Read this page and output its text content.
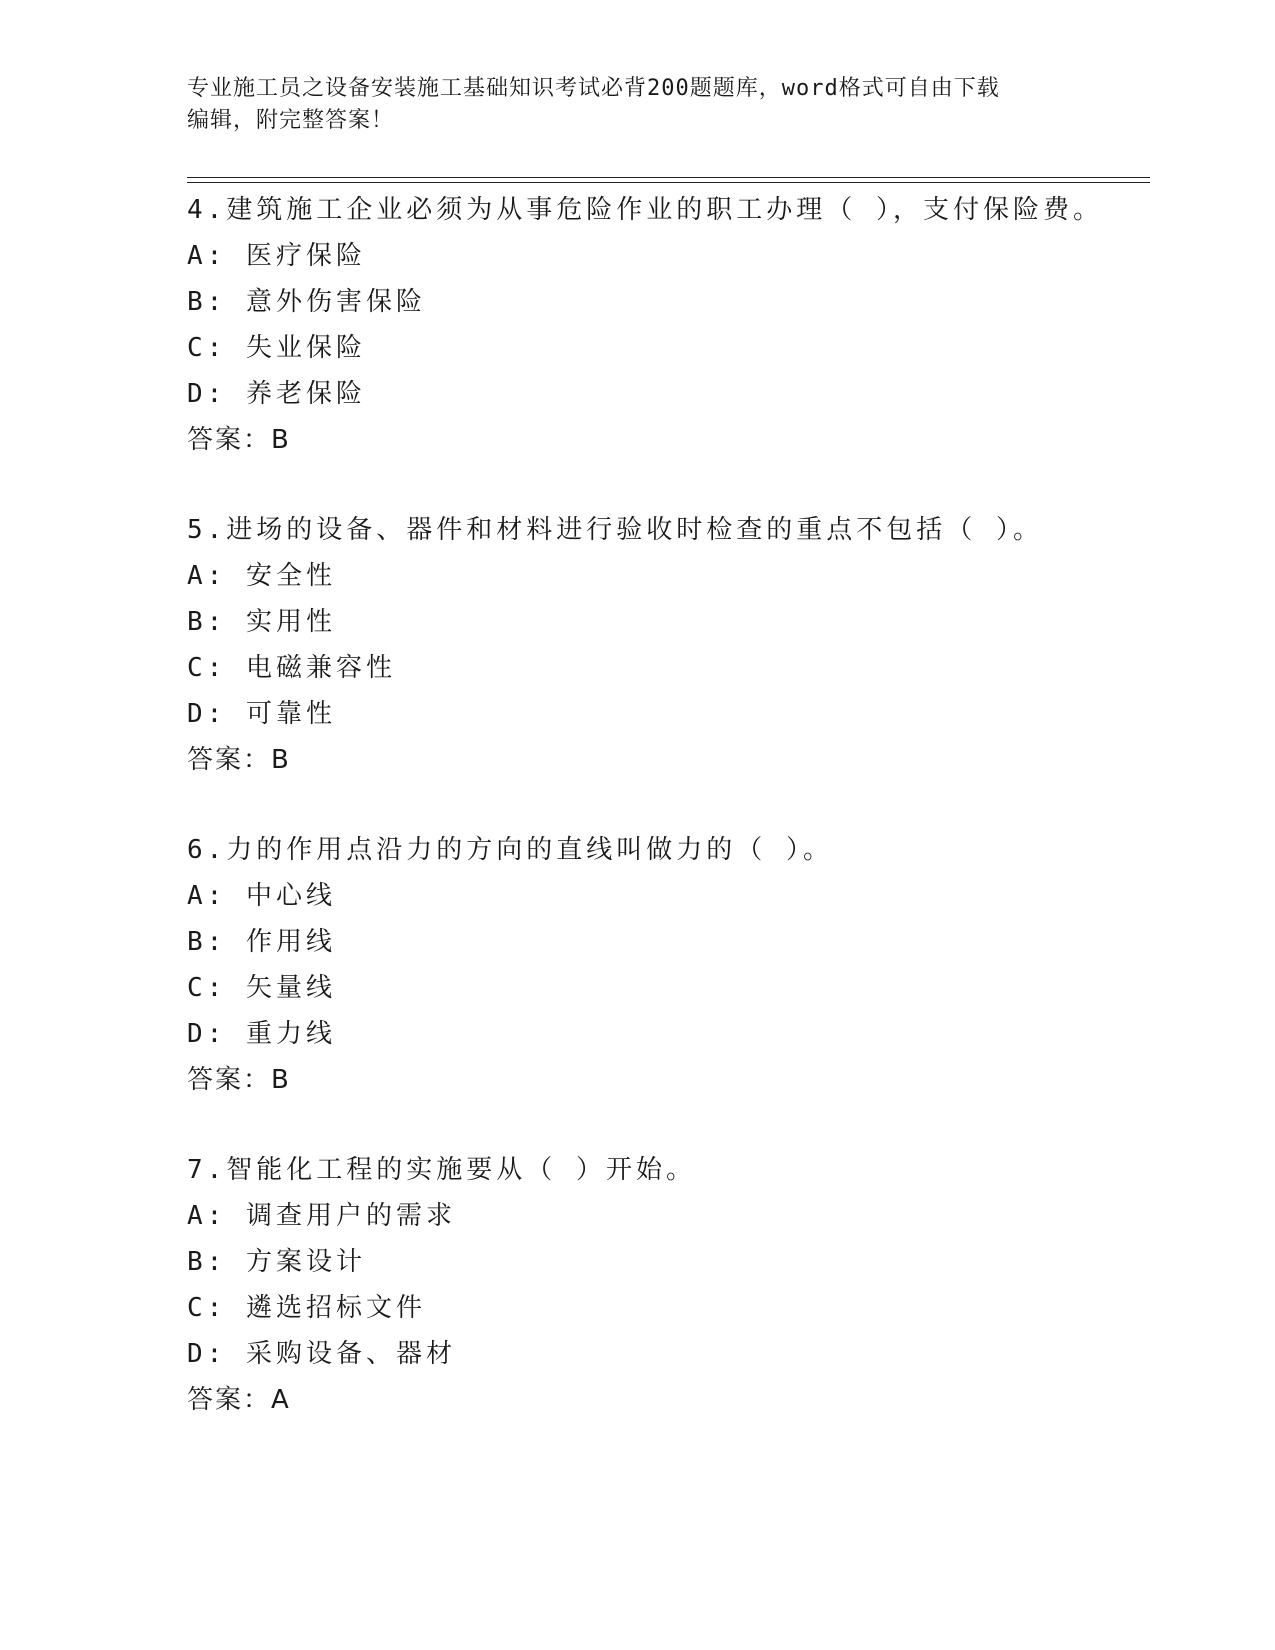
专业施工员之设备安装施工基础知识考试必背200题题库，word格式可自由下载
编辑，附完整答案！
4.建筑施工企业必须为从事危险作业的职工办理（ ），支付保险费。
A: 医疗保险
B: 意外伤害保险
C: 失业保险
D: 养老保险
答案：B
5.进场的设备、器件和材料进行验收时检查的重点不包括（ ）。
A: 安全性
B: 实用性
C: 电磁兼容性
D: 可靠性
答案：B
6.力的作用点沿力的方向的直线叫做力的（ ）。
A: 中心线
B: 作用线
C: 矢量线
D: 重力线
答案：B
7.智能化工程的实施要从（ ）开始。
A: 调查用户的需求
B: 方案设计
C: 遴选招标文件
D: 采购设备、器材
答案：A
